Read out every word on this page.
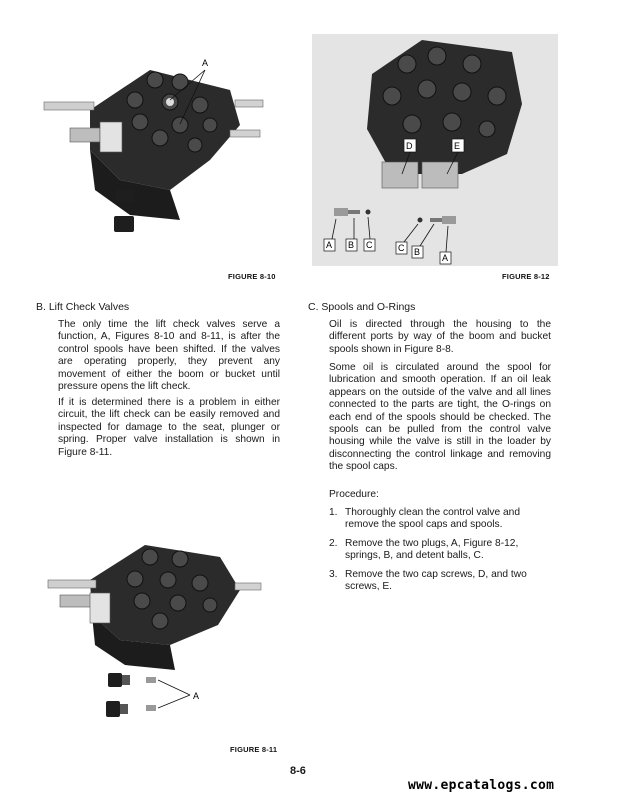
A
FIGURE 8-10
D	E
A B C	C B
A
FIGURE 8-12
B. Lift Check Valves

The only time the lift check valves serve a function, A, Figures 8-10 and 8-11, is after the control spools have been shifted. If the valves are operating properly, they prevent any movement of either the boom or bucket until pressure opens the lift check.

If it is determined there is a problem in either circuit, the lift check can be easily removed and inspected for damage to the seat, plunger or spring. Proper valve installation is shown in Figure 8-11.

C. Spools and O-Rings

Oil is directed through the housing to the different ports by way of the boom and bucket spools shown in Figure 8-8.

Some oil is circulated around the spool for lubrication and smooth operation. If an oil leak appears on the outside of the valve and all lines connected to the parts are tight, the O-rings on each end of the spools should be checked. The spools can be pulled from the control valve housing while the valve is still in the loader by disconnecting the control linkage and removing the spool caps.

Procedure:
1. Thoroughly clean the control valve and remove the spool caps and spools.
2. Remove the two plugs, A, Figure 8-12, springs, B, and detent balls, C.
3. Remove the two cap screws, D, and two screws, E.
A
FIGURE 8-11
8-6
www.epcatalogs.com
